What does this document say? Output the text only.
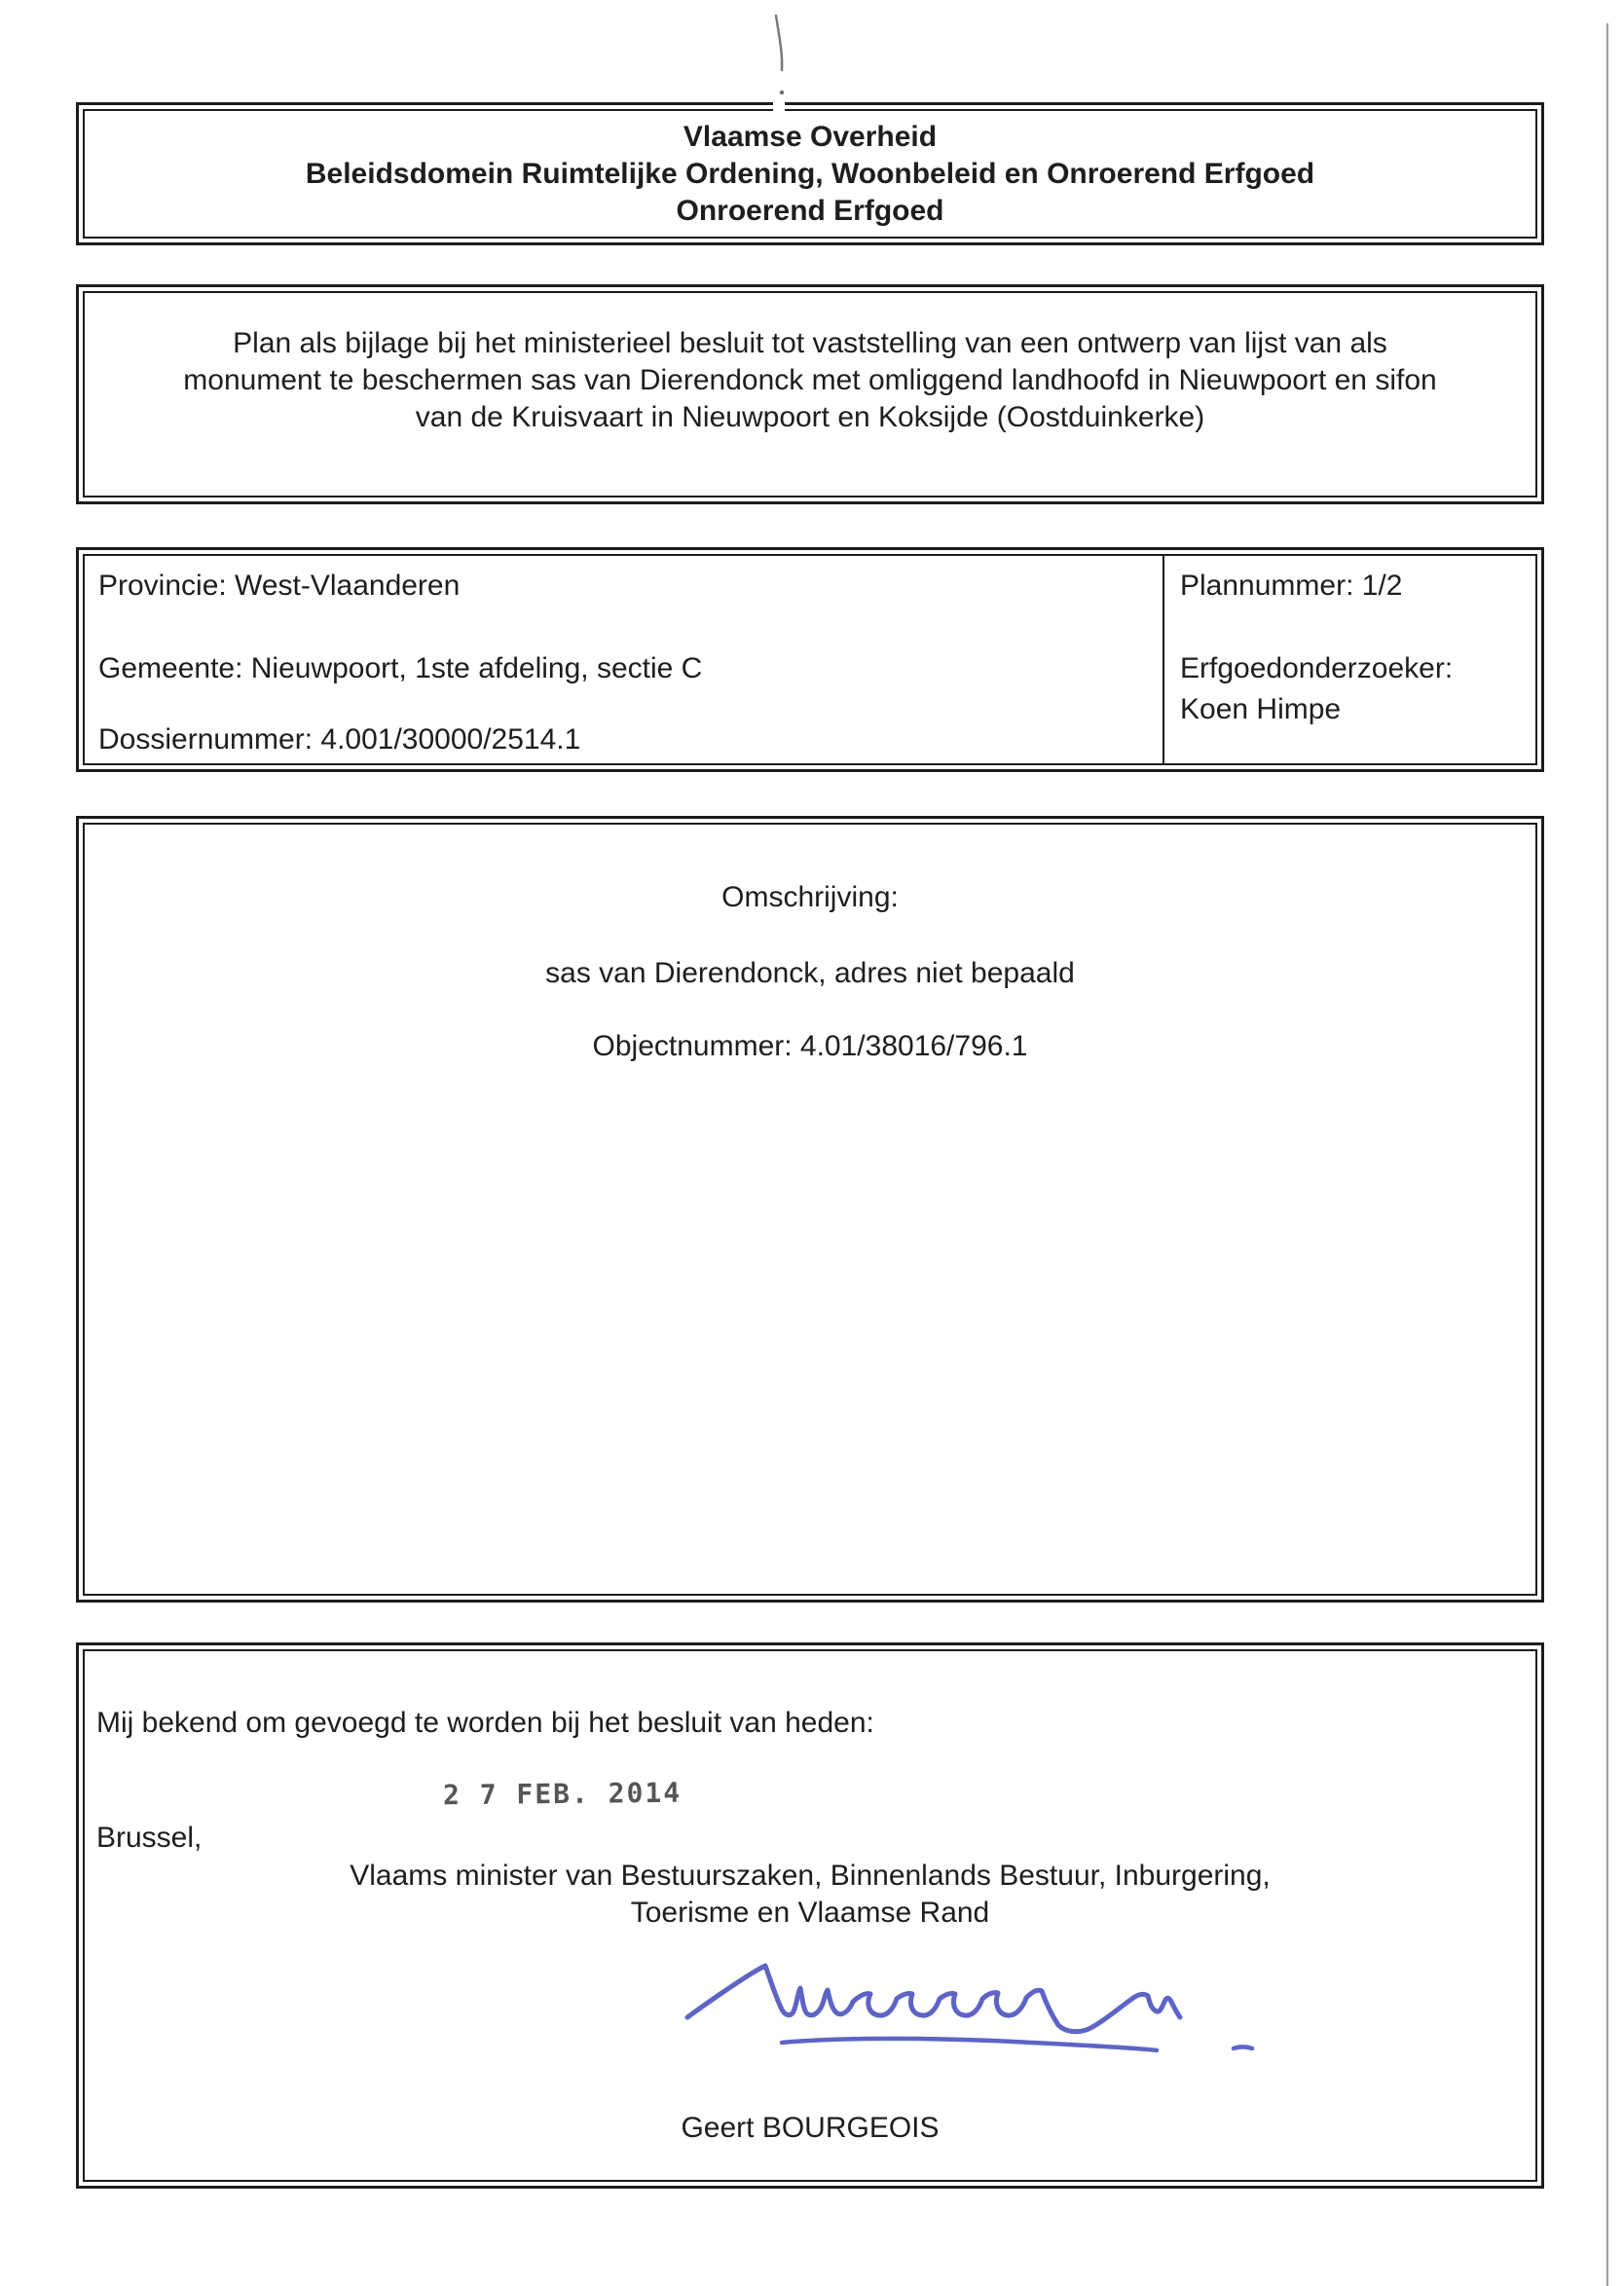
Vlaamse Overheid
Beleidsdomein Ruimtelijke Ordening, Woonbeleid en Onroerend Erfgoed
Onroerend Erfgoed
Plan als bijlage bij het ministerieel besluit tot vaststelling van een ontwerp van lijst van als
monument te beschermen sas van Dierendonck met omliggend landhoofd in Nieuwpoort en sifon
van de Kruisvaart in Nieuwpoort en Koksijde (Oostduinkerke)
Provincie: West-Vlaanderen
Gemeente: Nieuwpoort, 1ste afdeling, sectie C
Dossiernummer: 4.001/30000/2514.1
Plannummer: 1/2
Erfgoedonderzoeker:
Koen Himpe
Omschrijving:
sas van Dierendonck, adres niet bepaald
Objectnummer: 4.01/38016/796.1
Mij bekend om gevoegd te worden bij het besluit van heden:
2 7 FEB. 2014
Brussel,
Vlaams minister van Bestuurszaken, Binnenlands Bestuur, Inburgering,
Toerisme en Vlaamse Rand
Geert BOURGEOIS
